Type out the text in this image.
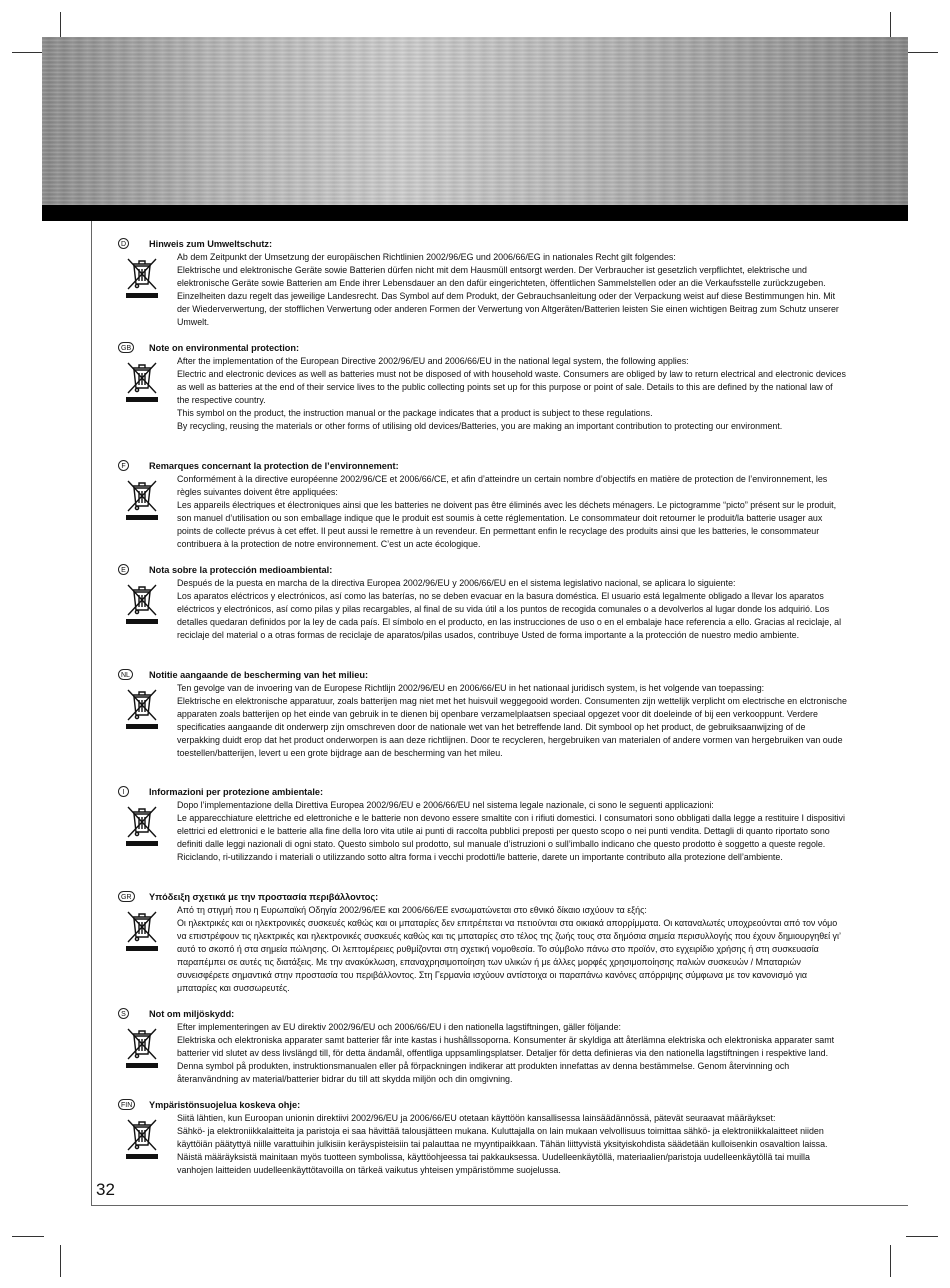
D	Hinweis zum Umweltschutz:

Ab dem Zeitpunkt der Umsetzung der europäischen Richtlinien 2002/96/EG und 2006/66/EG in nationales Recht gilt folgendes:

Elektrische und elektronische Geräte sowie Batterien dürfen nicht mit dem Hausmüll entsorgt werden. Der Verbraucher ist gesetzlich verpflichtet, elektrische und elektronische Geräte sowie Batterien am Ende ihrer Lebensdauer an den dafür eingerichteten, öffentlichen Sammelstellen oder an die Verkaufsstelle zurückzugeben. Einzelheiten dazu regelt das jeweilige Landesrecht. Das Symbol auf dem Produkt, der Gebrauchsanleitung oder der Verpackung weist auf diese Bestimmungen hin. Mit der Wiederverwertung, der stofflichen Verwertung oder anderen Formen der Verwertung von Altgeräten/Batterien leisten Sie einen wichtigen Beitrag zum Schutz unserer Umwelt.

GB	Note on environmental protection:

After the implementation of the European Directive 2002/96/EU and 2006/66/EU in the national legal system, the following applies:

Electric and electronic devices as well as batteries must not be disposed of with household waste. Consumers are obliged by law to return electrical and electronic devices as well as batteries at the end of their service lives to the public collecting points set up for this purpose or point of sale. Details to this are defined by the national law of the respective country.

This symbol on the product, the instruction manual or the package indicates that a product is subject to these regulations.

By recycling, reusing the materials or other forms of utilising old devices/Batteries, you are making an important contribution to protecting our environment.

F	Remarques concernant la protection de l’environnement:

Conformément à la directive européenne 2002/96/CE et 2006/66/CE, et afin d’atteindre un certain nombre d’objectifs en matière de protection de l’environnement, les règles suivantes doivent être appliquées:

Les appareils électriques et électroniques ainsi que les batteries ne doivent pas être éliminés avec les déchets ménagers. Le pictogramme “picto” présent sur le produit, son manuel d’utilisation ou son emballage indique que le produit est soumis à cette réglementation. Le consommateur doit retourner le produit/la batterie usager aux points de collecte prévus à cet effet. Il peut aussi le remettre à un revendeur. En permettant enfin le recyclage des produits ainsi que les batteries, le consommateur contribuera à la protection de notre environnement. C’est un acte écologique.

E	Nota sobre la protección medioambiental:

Después de la puesta en marcha de la directiva Europea 2002/96/EU y 2006/66/EU en el sistema legislativo nacional, se aplicara lo siguiente:

Los aparatos eléctricos y electrónicos, así como las baterías, no se deben evacuar en la basura doméstica. El usuario está legalmente obligado a llevar los aparatos eléctricos y electrónicos, así como pilas y pilas recargables, al final de su vida útil a los puntos de recogida comunales o a devolverlos al lugar donde los adquirió. Los detalles quedaran definidos por la ley de cada país. El símbolo en el producto, en las instrucciones de uso o en el embalaje hace referencia a ello. Gracias al reciclaje, al reciclaje del material o a otras formas de reciclaje de aparatos/pilas usados, contribuye Usted de forma importante a la protección de nuestro medio ambiente.

NL	Notitie aangaande de bescherming van het milieu:

Ten gevolge van de invoering van de Europese Richtlijn 2002/96/EU en 2006/66/EU in het nationaal juridisch system, is het volgende van toepassing:

Elektrische en elektronische apparatuur, zoals batterijen mag niet met het huisvuil weggegooid worden. Consumenten zijn wettelijk verplicht om electrische en elctronische apparaten zoals batterijen op het einde van gebruik in te dienen bij openbare verzamelplaatsen speciaal opgezet voor dit doeleinde of bij een verkooppunt. Verdere specificaties aangaande dit onderwerp zijn omschreven door de nationale wet van het betreffende land. Dit symbool op het product, de gebruiksaanwijzing of de verpakking duidt erop dat het product onderworpen is aan deze richtlijnen. Door te recycleren, hergebruiken van materialen of andere vormen van hergebruiken van oude toestellen/batterijen, levert u een grote bijdrage aan de bescherming van het mileu.

I	Informazioni per protezione ambientale:

Dopo l’implementazione della Direttiva Europea 2002/96/EU e 2006/66/EU nel sistema legale nazionale, ci sono le seguenti applicazioni:

Le apparecchiature elettriche ed elettroniche e le batterie non devono essere smaltite con i rifiuti domestici. I consumatori sono obbligati dalla legge a restituire I dispositivi elettrici ed elettronici e le batterie alla fine della loro vita utile ai punti di raccolta pubblici preposti per questo scopo o nei punti vendita. Dettagli di quanto riportato sono definiti dalle leggi nazionali di ogni stato. Questo simbolo sul prodotto, sul manuale d’istruzioni o sull’imballo indicano che questo prodotto è soggetto a queste regole. Riciclando, ri-utilizzando i materiali o utilizzando sotto altra forma i vecchi prodotti/le batterie, darete un importante contributo alla protezione dell’ambiente.

GR	Υπόδειξη σχετικά με την προστασία περιβάλλοντος:

Από τη στιγμή που η Ευρωπαϊκή Οδηγία 2002/96/ΕE και 2006/66/EE ενσωματώνεται στο εθνικό δίκαιο ισχύουν τα εξής:

Οι ηλεκτρικές και οι ηλεκτρονικές συσκευές καθώς και οι μπαταρίες δεν επιτρέπεται να πετιούνται στα οικιακά απορρίμματα. Οι καταναλωτές υποχρεούνται από τον νόμο να επιστρέφουν τις ηλεκτρικές και ηλεκτρονικές συσκευές καθώς και τις μπαταρίες στο τέλος της ζωής τους στα δημόσια σημεία περισυλλογής που έχουν δημιουργηθεί γι’ αυτό το σκοπό ή στα σημεία πώλησης. Οι λεπτομέρειες ρυθμίζονται στη σχετική νομοθεσία. Το σύμβολο πάνω στο προϊόν, στο εγχειρίδιο χρήσης ή στη συσκευασία παραπέμπει σε αυτές τις διατάξεις. Με την ανακύκλωση, επαναχρησιμοποίηση των υλικών ή με άλλες μορφές χρησιμοποίησης παλιών συσκευών / Μπαταριών συνεισφέρετε σημαντικά στην προστασία του περιβάλλοντος. Στη Γερμανία ισχύουν αντίστοιχα οι παραπάνω κανόνες απόρριψης σύμφωνα με τον κανονισμό για μπαταρίες και συσσωρευτές.

S	Not om miljöskydd:

Efter implementeringen av EU direktiv 2002/96/EU och 2006/66/EU i den nationella lagstiftningen, gäller följande:

Elektriska och elektroniska apparater samt batterier får inte kastas i hushållssoporna. Konsumenter är skyldiga att återlämna elektriska och elektroniska apparater samt batterier vid slutet av dess livslängd till, för detta ändamål, offentliga uppsamlingsplatser. Detaljer för detta definieras via den nationella lagstiftningen i respektive land. Denna symbol på produkten, instruktionsmanualen eller på förpackningen indikerar att produkten innefattas av denna bestämmelse. Genom återvinning och återanvändning av material/batterier bidrar du till att skydda miljön och din omgivning.

FIN	Ympäristönsuojelua koskeva ohje:

Siitä lähtien, kun Euroopan unionin direktiivi 2002/96/EU ja 2006/66/EU otetaan käyttöön kansallisessa lainsäädännössä, pätevät seuraavat määräykset:

Sähkö- ja elektroniikkalaitteita ja paristoja ei saa hävittää talousjätteen mukana. Kuluttajalla on lain mukaan velvollisuus toimittaa sähkö- ja elektroniikkalaitteet niiden käyttöiän päätyttyä niille varattuihin julkisiin keräyspisteisiin tai palauttaa ne myyntipaikkaan. Tähän liittyvistä yksityiskohdista säädetään kulloisenkin osavaltion laissa. Näistä määräyksistä mainitaan myös tuotteen symbolissa, käyttöohjeessa tai pakkauksessa. Uudelleenkäytöllä, materiaalien/paristoja uudelleenkäytöllä tai muilla vanhojen laitteiden uudelleenkäyttötavoilla on tärkeä vaikutus yhteisen ympäristömme suojelussa.

32
